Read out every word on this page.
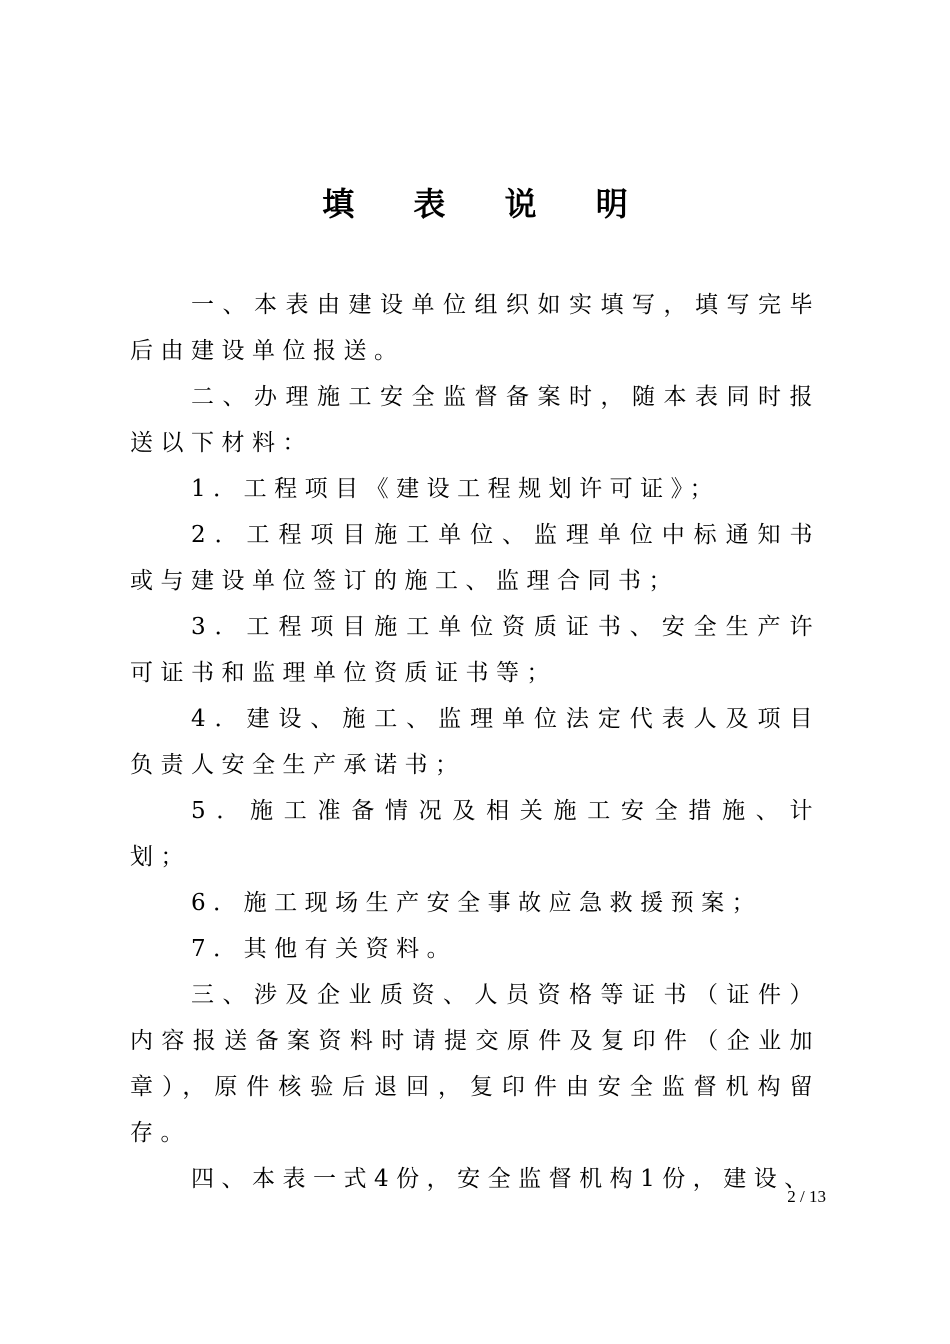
填 表 说 明

一、本表由建设单位组织如实填写，填写完毕后由建设单位报送。

二、办理施工安全监督备案时，随本表同时报送以下材料：

1．工程项目《建设工程规划许可证》；

2．工程项目施工单位、监理单位中标通知书或与建设单位签订的施工、监理合同书；

3．工程项目施工单位资质证书、安全生产许可证书和监理单位资质证书等；

4．建设、施工、监理单位法定代表人及项目负责人安全生产承诺书；

5．施工准备情况及相关施工安全措施、计划；

6．施工现场生产安全事故应急救援预案；

7．其他有关资料。

三、涉及企业质资、人员资格等证书（证件）内容报送备案资料时请提交原件及复印件（企业加章），原件核验后退回，复印件由安全监督机构留存。

四、本表一式4份，安全监督机构1份，建设、

2 / 13
